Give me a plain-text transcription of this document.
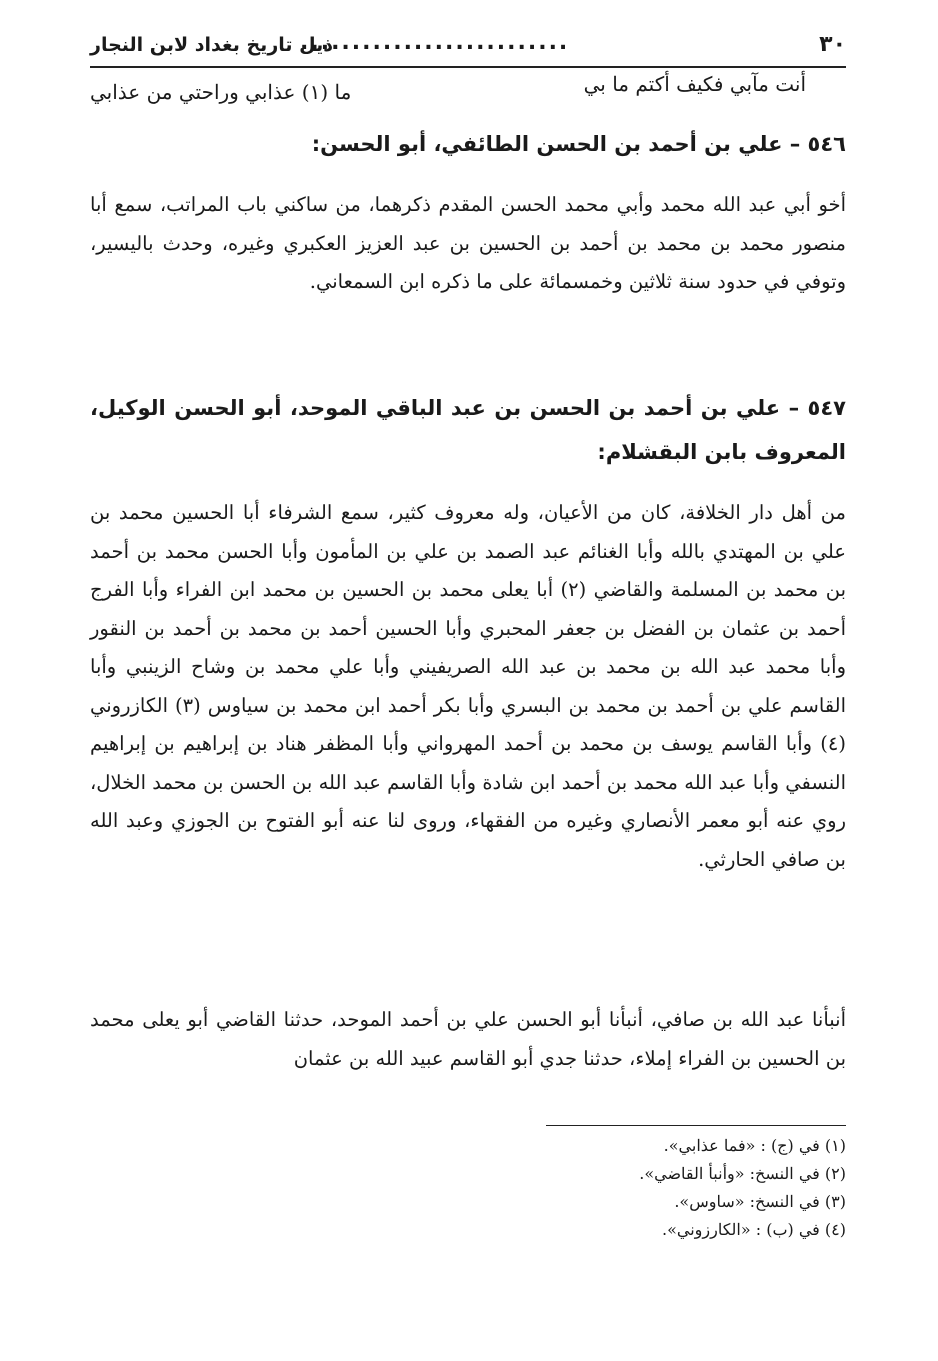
٣٠
..........................
ذيل تاريخ بغداد لابن النجار
أنت مآبي فكيف أكتم ما بي
ما (١) عذابي وراحتي من عذابي
٥٤٦ – علي بن أحمد بن الحسن الطائفي، أبو الحسن:
أخو أبي عبد الله محمد وأبي محمد الحسن المقدم ذكرهما، من ساكني باب المراتب، سمع أبا منصور محمد بن محمد بن أحمد بن الحسين بن عبد العزيز العكبري وغيره، وحدث باليسير، وتوفي في حدود سنة ثلاثين وخمسمائة على ما ذكره ابن السمعاني.
٥٤٧ – علي بن أحمد بن الحسن بن عبد الباقي الموحد، أبو الحسن الوكيل، المعروف بابن البقشلام:
من أهل دار الخلافة، كان من الأعيان، وله معروف كثير، سمع الشرفاء أبا الحسين محمد بن علي بن المهتدي بالله وأبا الغنائم عبد الصمد بن علي بن المأمون وأبا الحسن محمد بن أحمد بن محمد بن المسلمة والقاضي (٢) أبا يعلى محمد بن الحسين بن محمد ابن الفراء وأبا الفرج أحمد بن عثمان بن الفضل بن جعفر المحبري وأبا الحسين أحمد بن محمد بن أحمد بن النقور وأبا محمد عبد الله بن محمد بن عبد الله الصريفيني وأبا علي محمد بن وشاح الزينبي وأبا القاسم علي بن أحمد بن محمد بن البسري وأبا بكر أحمد ابن محمد بن سياوس (٣) الكازروني (٤) وأبا القاسم يوسف بن محمد بن أحمد المهرواني وأبا المظفر هناد بن إبراهيم بن إبراهيم النسفي وأبا عبد الله محمد بن أحمد ابن شادة وأبا القاسم عبد الله بن الحسن بن محمد الخلال، روي عنه أبو معمر الأنصاري وغيره من الفقهاء، وروى لنا عنه أبو الفتوح بن الجوزي وعبد الله بن صافي الحارثي.
أنبأنا عبد الله بن صافي، أنبأنا أبو الحسن علي بن أحمد الموحد، حدثنا القاضي أبو يعلى محمد بن الحسين بن الفراء إملاء، حدثنا جدي أبو القاسم عبيد الله بن عثمان
(١) في (ج) : «فما عذابي».
(٢) في النسخ: «وأنبأ القاضي».
(٣) في النسخ: «ساوس».
(٤) في (ب) : «الكارزوني».
